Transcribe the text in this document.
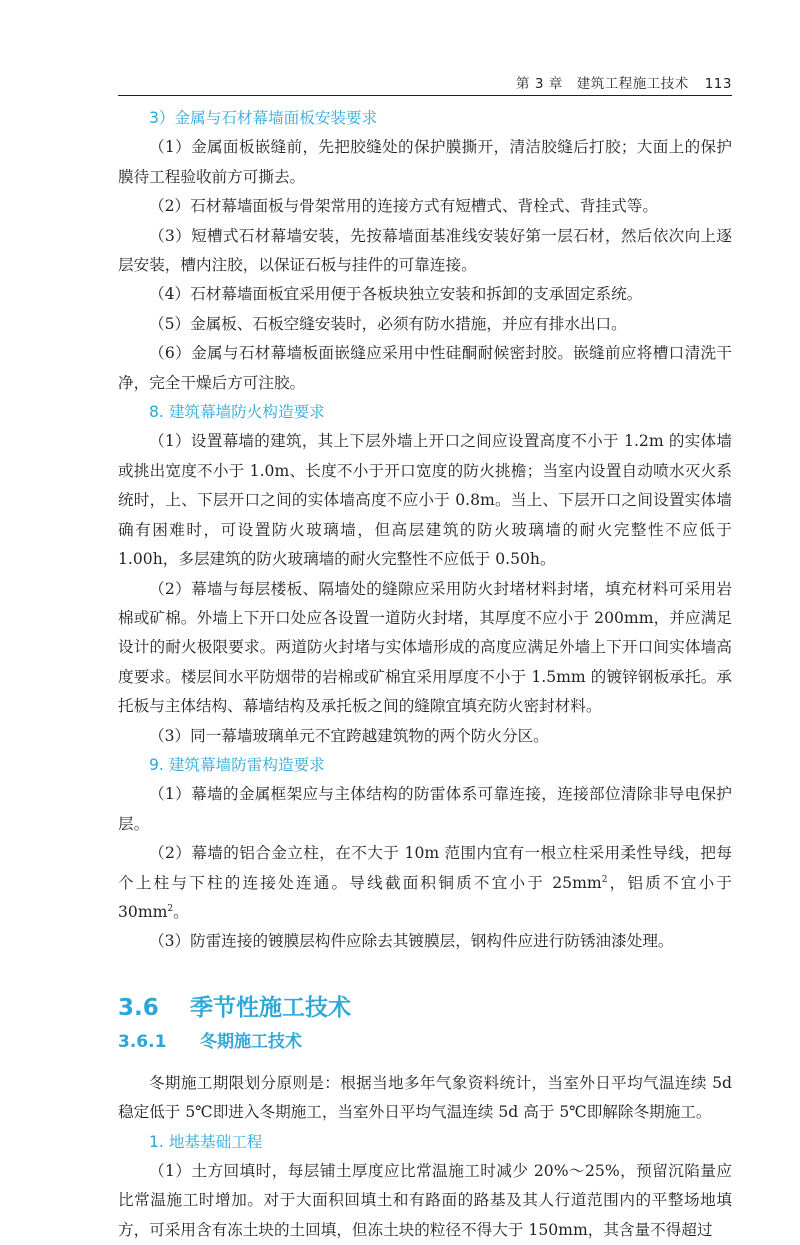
第 3 章　建筑工程施工技术 113

3）金属与石材幕墙面板安装要求

（1）金属面板嵌缝前，先把胶缝处的保护膜撕开，清洁胶缝后打胶；大面上的保护膜待工程验收前方可撕去。

（2）石材幕墙面板与骨架常用的连接方式有短槽式、背栓式、背挂式等。

（3）短槽式石材幕墙安装，先按幕墙面基准线安装好第一层石材，然后依次向上逐层安装，槽内注胶，以保证石板与挂件的可靠连接。

（4）石材幕墙面板宜采用便于各板块独立安装和拆卸的支承固定系统。

（5）金属板、石板空缝安装时，必须有防水措施，并应有排水出口。

（6）金属与石材幕墙板面嵌缝应采用中性硅酮耐候密封胶。嵌缝前应将槽口清洗干净，完全干燥后方可注胶。

8. 建筑幕墙防火构造要求

（1）设置幕墙的建筑，其上下层外墙上开口之间应设置高度不小于 1.2m 的实体墙或挑出宽度不小于 1.0m、长度不小于开口宽度的防火挑檐；当室内设置自动喷水灭火系统时，上、下层开口之间的实体墙高度不应小于 0.8m。当上、下层开口之间设置实体墙确有困难时，可设置防火玻璃墙，但高层建筑的防火玻璃墙的耐火完整性不应低于 1.00h，多层建筑的防火玻璃墙的耐火完整性不应低于 0.50h。

（2）幕墙与每层楼板、隔墙处的缝隙应采用防火封堵材料封堵，填充材料可采用岩棉或矿棉。外墙上下开口处应各设置一道防火封堵，其厚度不应小于 200mm，并应满足设计的耐火极限要求。两道防火封堵与实体墙形成的高度应满足外墙上下开口间实体墙高度要求。楼层间水平防烟带的岩棉或矿棉宜采用厚度不小于 1.5mm 的镀锌钢板承托。承托板与主体结构、幕墙结构及承托板之间的缝隙宜填充防火密封材料。

（3）同一幕墙玻璃单元不宜跨越建筑物的两个防火分区。

9. 建筑幕墙防雷构造要求

（1）幕墙的金属框架应与主体结构的防雷体系可靠连接，连接部位清除非导电保护层。

（2）幕墙的铝合金立柱，在不大于 10m 范围内宜有一根立柱采用柔性导线，把每个上柱与下柱的连接处连通。导线截面积铜质不宜小于 $25mm^2$，铝质不宜小于 $30mm^2$。

（3）防雷连接的镀膜层构件应除去其镀膜层，钢构件应进行防锈油漆处理。

3.6 季节性施工技术
3.6.1 冬期施工技术

冬期施工期限划分原则是：根据当地多年气象资料统计，当室外日平均气温连续 5d 稳定低于 5℃即进入冬期施工，当室外日平均气温连续 5d 高于 5℃即解除冬期施工。

1. 地基基础工程

（1）土方回填时，每层铺土厚度应比常温施工时减少 20%～25%，预留沉陷量应比常温施工时增加。对于大面积回填土和有路面的路基及其人行道范围内的平整场地填方，可采用含有冻土块的土回填，但冻土块的粒径不得大于 150mm，其含量不得超过
